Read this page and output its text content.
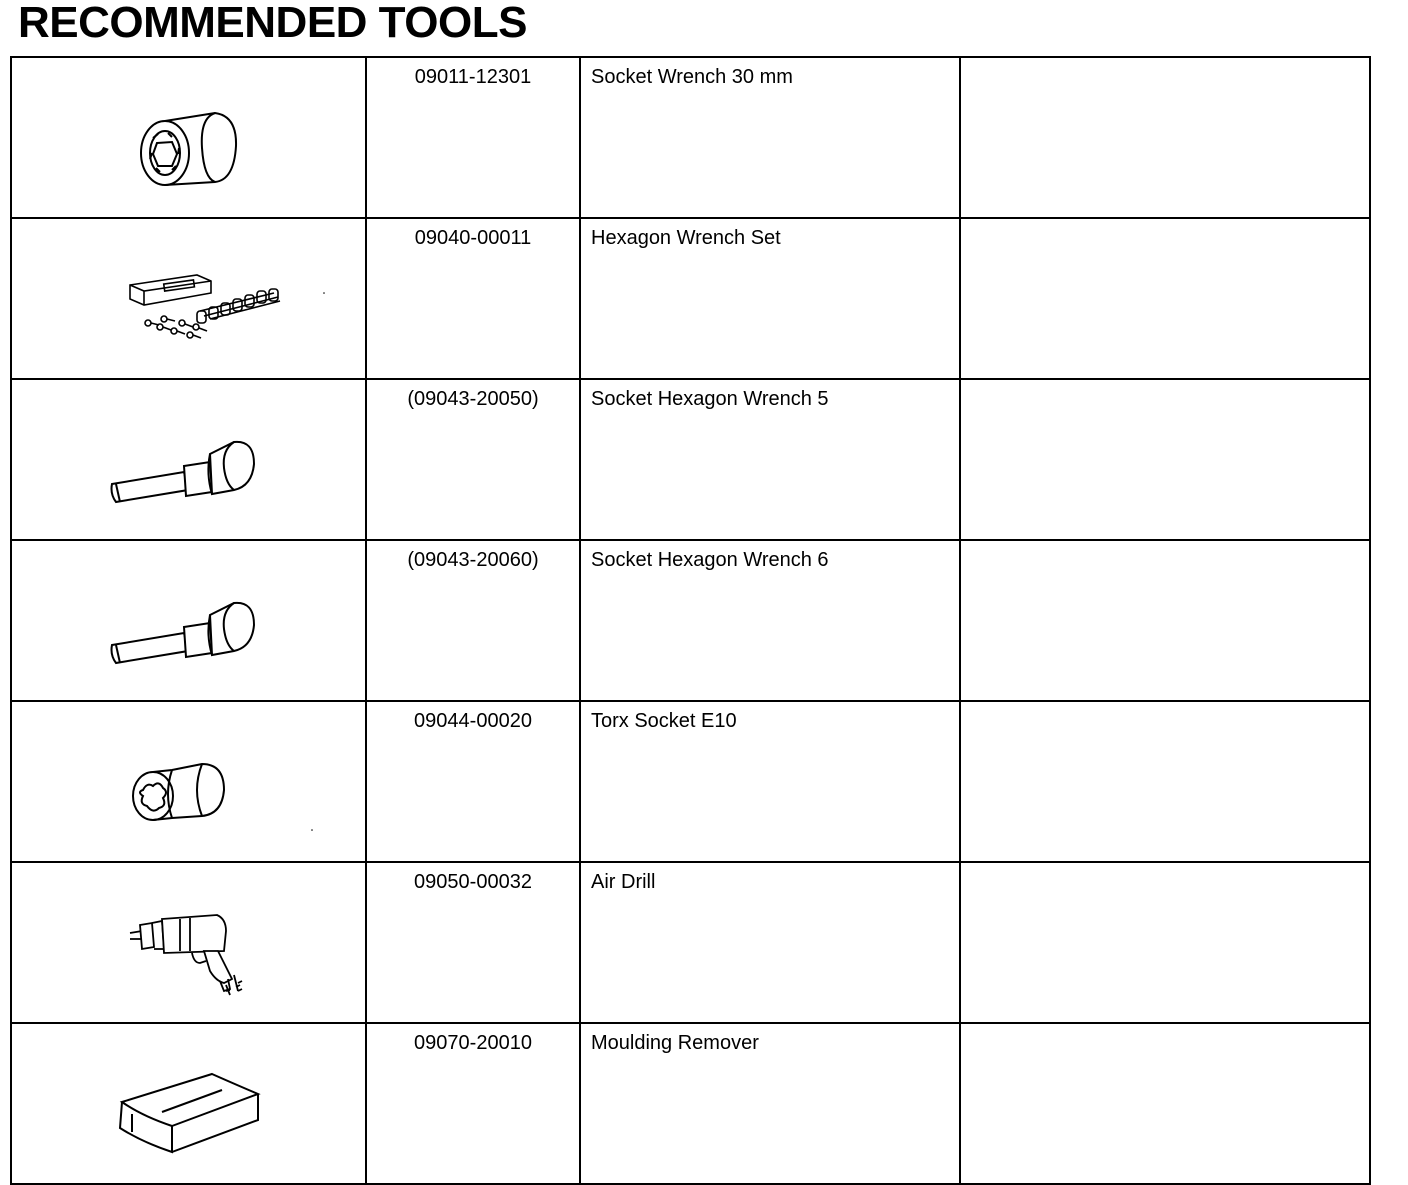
RECOMMENDED TOOLS
	09011-12301	Socket Wrench 30 mm	

	09040-00011	Hexagon Wrench Set	

	(09043-20050)	Socket Hexagon Wrench 5	

	(09043-20060)	Socket Hexagon Wrench 6	

	09044-00020	Torx Socket E10	

	09050-00032	Air Drill	

	09070-20010	Moulding Remover	
